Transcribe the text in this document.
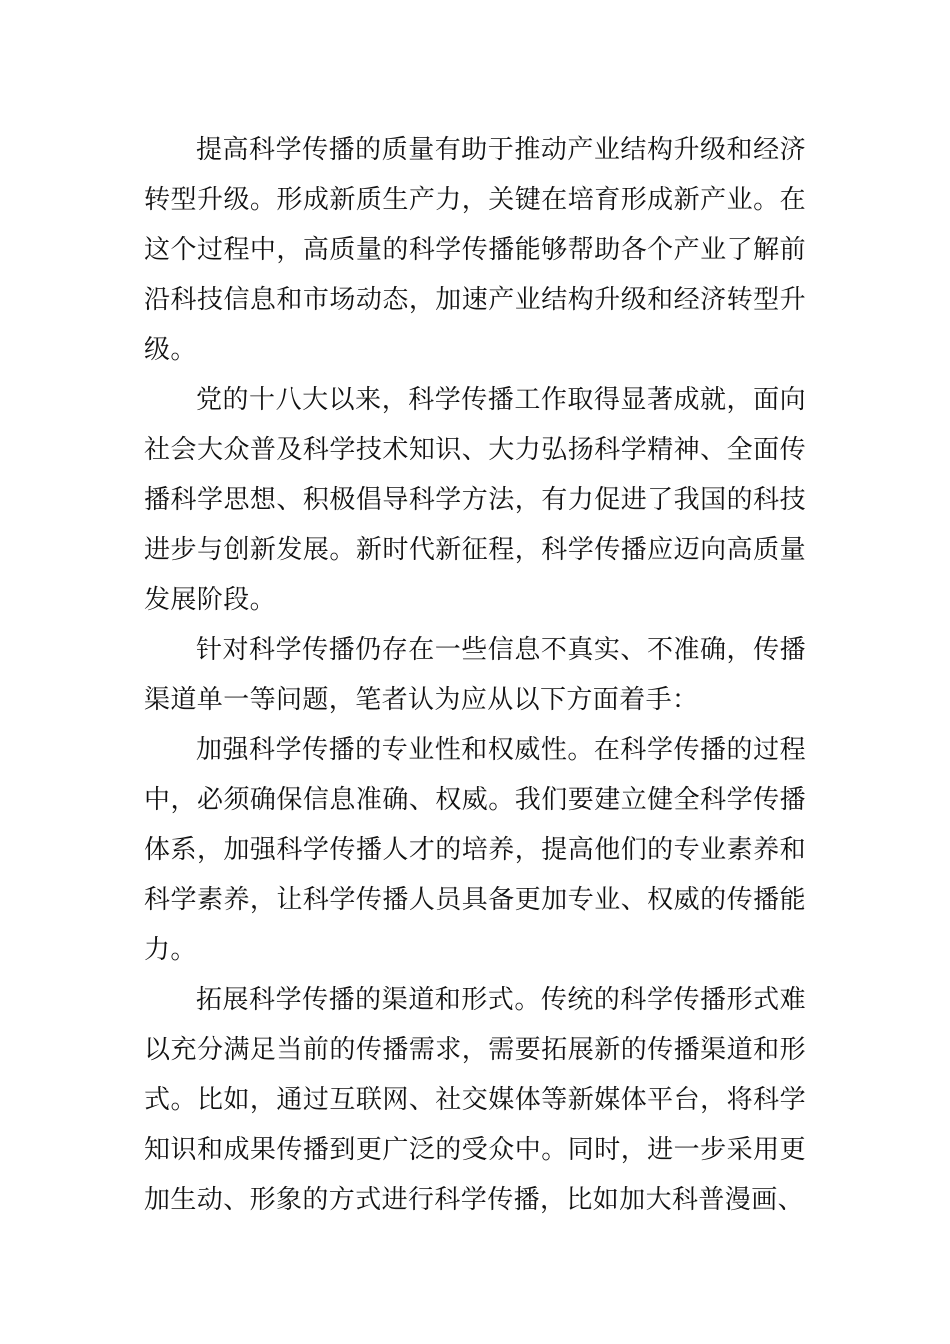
提高科学传播的质量有助于推动产业结构升级和经济转型升级。形成新质生产力，关键在培育形成新产业。在这个过程中，高质量的科学传播能够帮助各个产业了解前沿科技信息和市场动态，加速产业结构升级和经济转型升级。

党的十八大以来，科学传播工作取得显著成就，面向社会大众普及科学技术知识、大力弘扬科学精神、全面传播科学思想、积极倡导科学方法，有力促进了我国的科技进步与创新发展。新时代新征程，科学传播应迈向高质量发展阶段。

针对科学传播仍存在一些信息不真实、不准确，传播渠道单一等问题，笔者认为应从以下方面着手：

加强科学传播的专业性和权威性。在科学传播的过程中，必须确保信息准确、权威。我们要建立健全科学传播体系，加强科学传播人才的培养，提高他们的专业素养和科学素养，让科学传播人员具备更加专业、权威的传播能力。

拓展科学传播的渠道和形式。传统的科学传播形式难以充分满足当前的传播需求，需要拓展新的传播渠道和形式。比如，通过互联网、社交媒体等新媒体平台，将科学知识和成果传播到更广泛的受众中。同时，进一步采用更加生动、形象的方式进行科学传播，比如加大科普漫画、
